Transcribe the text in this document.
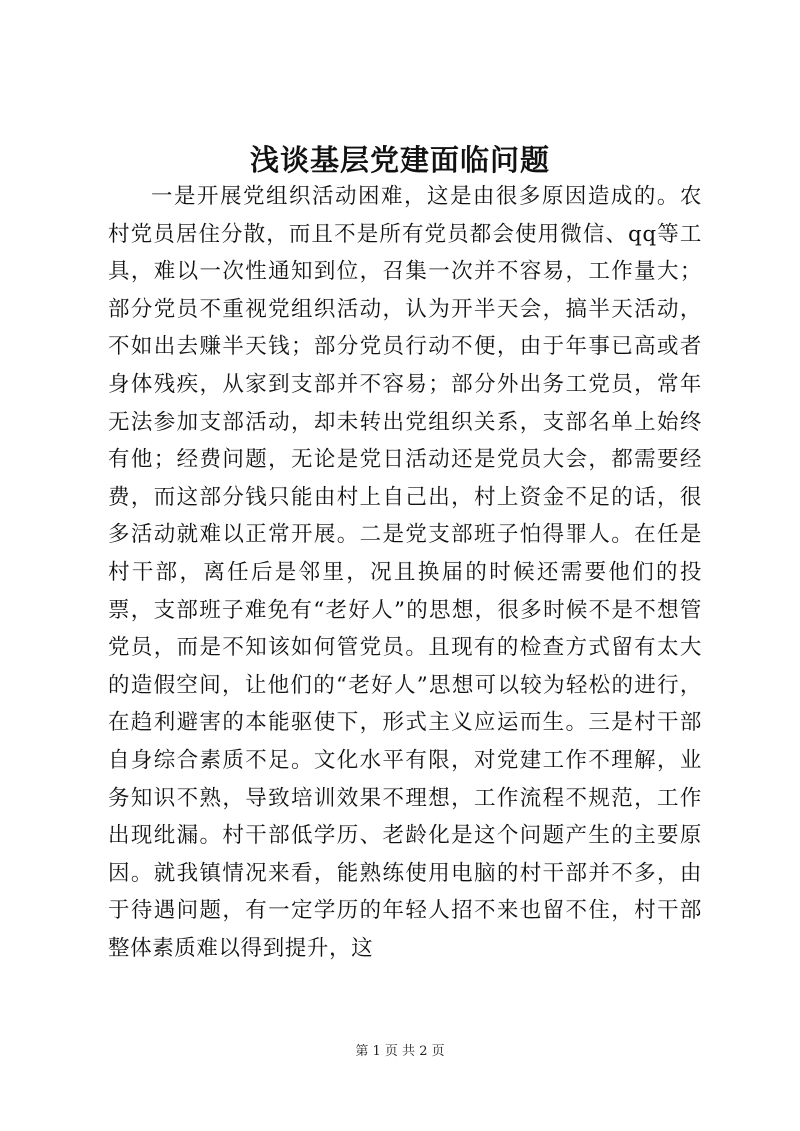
浅谈基层党建面临问题

一是开展党组织活动困难，这是由很多原因造成的。农村党员居住分散，而且不是所有党员都会使用微信、qq等工具，难以一次性通知到位，召集一次并不容易，工作量大；部分党员不重视党组织活动，认为开半天会，搞半天活动，不如出去赚半天钱；部分党员行动不便，由于年事已高或者身体残疾，从家到支部并不容易；部分外出务工党员，常年无法参加支部活动，却未转出党组织关系，支部名单上始终有他；经费问题，无论是党日活动还是党员大会，都需要经费，而这部分钱只能由村上自己出，村上资金不足的话，很多活动就难以正常开展。二是党支部班子怕得罪人。在任是村干部，离任后是邻里，况且换届的时候还需要他们的投票，支部班子难免有“老好人”的思想，很多时候不是不想管党员，而是不知该如何管党员。且现有的检查方式留有太大的造假空间，让他们的“老好人”思想可以较为轻松的进行，在趋利避害的本能驱使下，形式主义应运而生。三是村干部自身综合素质不足。文化水平有限，对党建工作不理解，业务知识不熟，导致培训效果不理想，工作流程不规范，工作出现纰漏。村干部低学历、老龄化是这个问题产生的主要原因。就我镇情况来看，能熟练使用电脑的村干部并不多，由于待遇问题，有一定学历的年轻人招不来也留不住，村干部整体素质难以得到提升，这

第 1 页 共 2 页
